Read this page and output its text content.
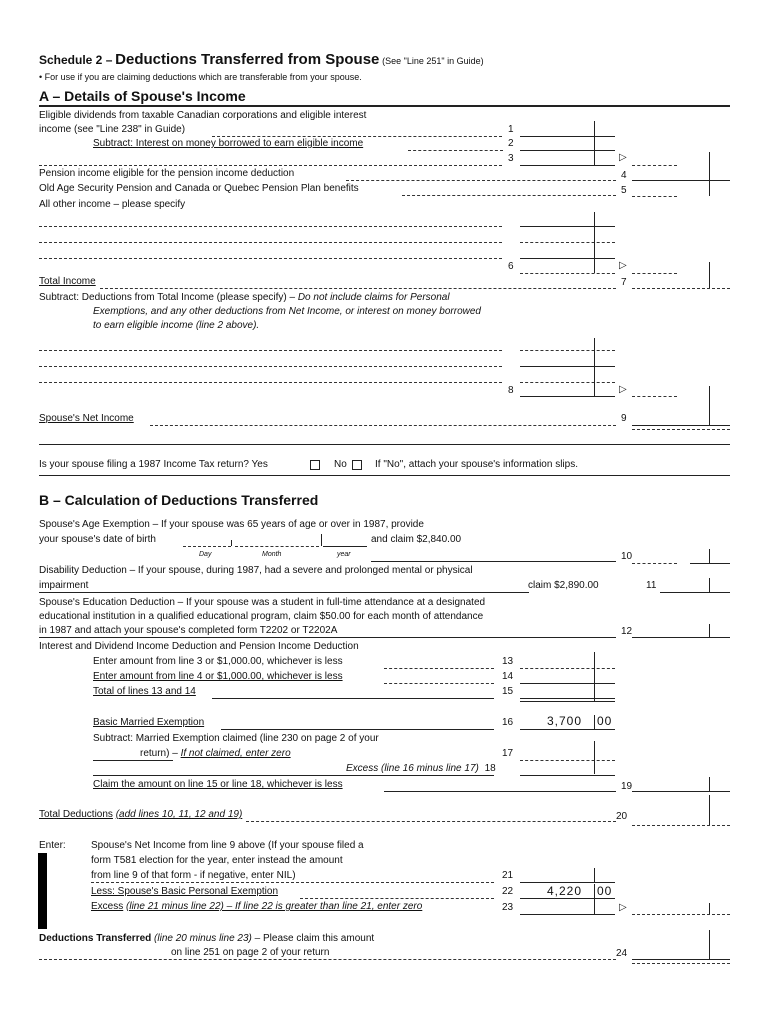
Schedule 2 – Deductions Transferred from Spouse (See "Line 251" in Guide)
• For use if you are claiming deductions which are transferable from your spouse.
A – Details of Spouse's Income
Eligible dividends from taxable Canadian corporations and eligible interest
income (see "Line 238" in Guide)	1
Subtract: Interest on money borrowed to earn eligible income	2
3	▷
Pension income eligible for the pension income deduction	4
Old Age Security Pension and Canada or Quebec Pension Plan benefits	5
All other income – please specify
6	▷
Total Income	7
Subtract: Deductions from Total Income (please specify) – Do not include claims for Personal
Exemptions, and any other deductions from Net Income, or interest on money borrowed
to earn eligible income (line 2 above).
8	▷
Spouse's Net Income	9
Is your spouse filing a 1987 Income Tax return? Yes	No	If "No", attach your spouse's information slips.
B – Calculation of Deductions Transferred
Spouse's Age Exemption – If your spouse was 65 years of age or over in 1987, provide
your spouse's date of birth	and claim $2,840.00
Day	Month	year	10
Disability Deduction – If your spouse, during 1987, had a severe and prolonged mental or physical
impairment	claim $2,890.00	11
Spouse's Education Deduction – If your spouse was a student in full-time attendance at a designated
educational institution in a qualified educational program, claim $50.00 for each month of attendance
in 1987 and attach your spouse's completed form T2202 or T2202A	12
Interest and Dividend Income Deduction and Pension Income Deduction
Enter amount from line 3 or $1,000.00, whichever is less	13
Enter amount from line 4 or $1,000.00, whichever is less	14
Total of lines 13 and 14	15
Basic Married Exemption	16	3,700 00
Subtract: Married Exemption claimed (line 230 on page 2 of your
return) – If not claimed, enter zero	17
Excess (line 16 minus line 17) 18
Claim the amount on line 15 or line 18, whichever is less	19
Total Deductions (add lines 10, 11, 12 and 19)	20
Enter:	Spouse's Net Income from line 9 above (If your spouse filed a
form T581 election for the year, enter instead the amount
from line 9 of that form - if negative, enter NIL)	21
Less: Spouse's Basic Personal Exemption	22	4,220 00
Excess (line 21 minus line 22) – If line 22 is greater than line 21, enter zero	23	▷
Deductions Transferred (line 20 minus line 23) – Please claim this amount
on line 251 on page 2 of your return	24
